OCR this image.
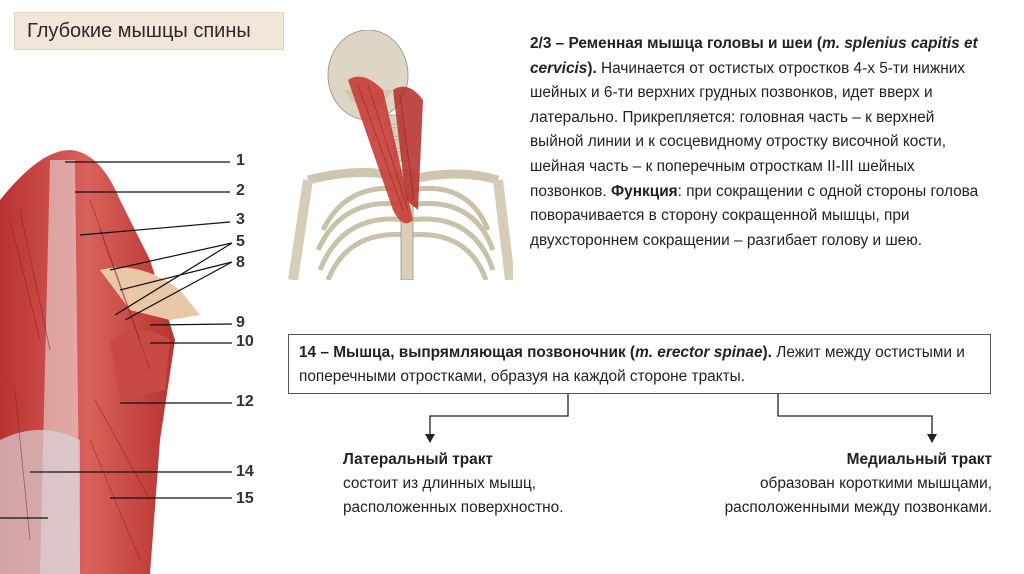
Глубокие мышцы спины
1
2
3
5
8
9
10
12
14
15
2/3 – Ременная мышца головы и шеи (m. splenius capitis et cervicis). Начинается от остистых отростков 4-х 5-ти нижних шейных и 6-ти верхних грудных позвонков, идет вверх и латерально. Прикрепляется: головная часть – к верхней выйной линии и к сосцевидному отростку височной кости, шейная часть – к поперечным отросткам II-III шейных позвонков. Функция: при сокращении с одной стороны голова поворачивается в сторону сокращенной мышцы, при двухстороннем сокращении – разгибает голову и шею.
14 – Мышца, выпрямляющая позвоночник (m. erector spinae). Лежит между остистыми и поперечными отростками, образуя на каждой стороне тракты.
Латеральный тракт
состоит из длинных мышц,
расположенных поверхностно.
Медиальный тракт
образован короткими мышцами,
расположенными между позвонками.
